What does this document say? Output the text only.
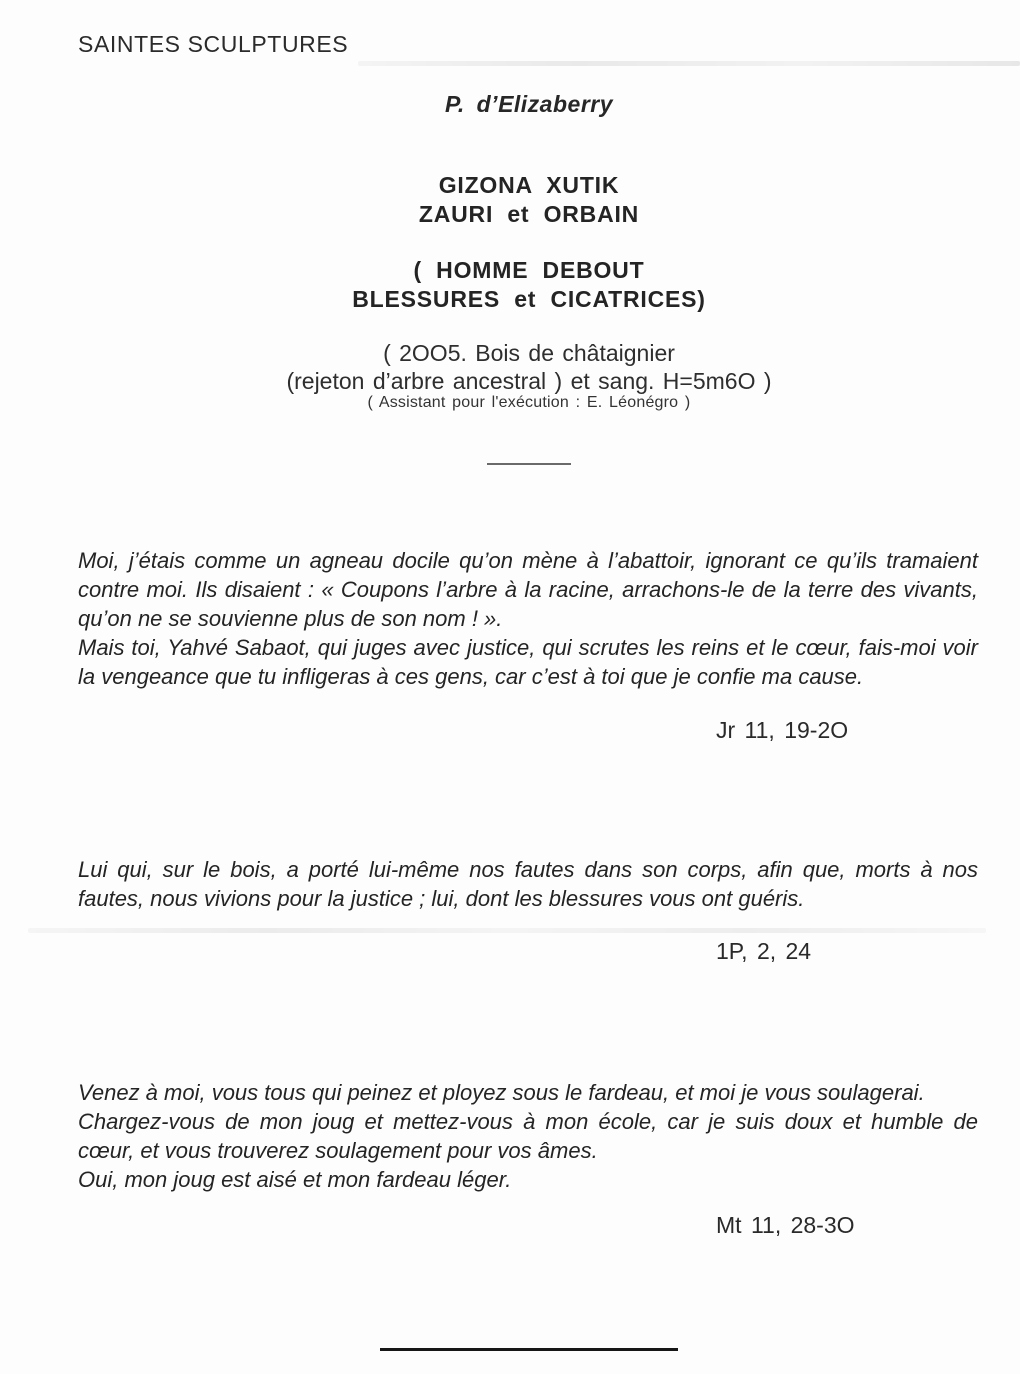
SAINTES SCULPTURES
P. d’Elizaberry
GIZONA XUTIK
ZAURI et ORBAIN
( HOMME DEBOUT
BLESSURES et CICATRICES)
( 2OO5. Bois de châtaignier
(rejeton d’arbre ancestral ) et sang. H=5m6O )
( Assistant pour l'exécution : E. Léonégro )

Moi, j’étais comme un agneau docile qu’on mène à l’abattoir, ignorant ce qu’ils tramaient contre moi. Ils disaient : « Coupons l’arbre à la racine, arrachons-le de la terre des vivants, qu’on ne se souvienne plus de son nom ! ».

Mais toi, Yahvé Sabaot, qui juges avec justice, qui scrutes les reins et le cœur, fais-moi voir la vengeance que tu infligeras à ces gens, car c’est à toi que je confie ma cause.

Jr 11, 19-2O

Lui qui, sur le bois, a porté lui-même nos fautes dans son corps, afin que, morts à nos fautes, nous vivions pour la justice ; lui, dont les blessures vous ont guéris.

1P, 2, 24

Venez à moi, vous tous qui peinez et ployez sous le fardeau, et moi je vous soulagerai.

Chargez-vous de mon joug et mettez-vous à mon école, car je suis doux et humble de cœur, et vous trouverez soulagement pour vos âmes.

Oui, mon joug est aisé et mon fardeau léger.

Mt 11, 28-3O
